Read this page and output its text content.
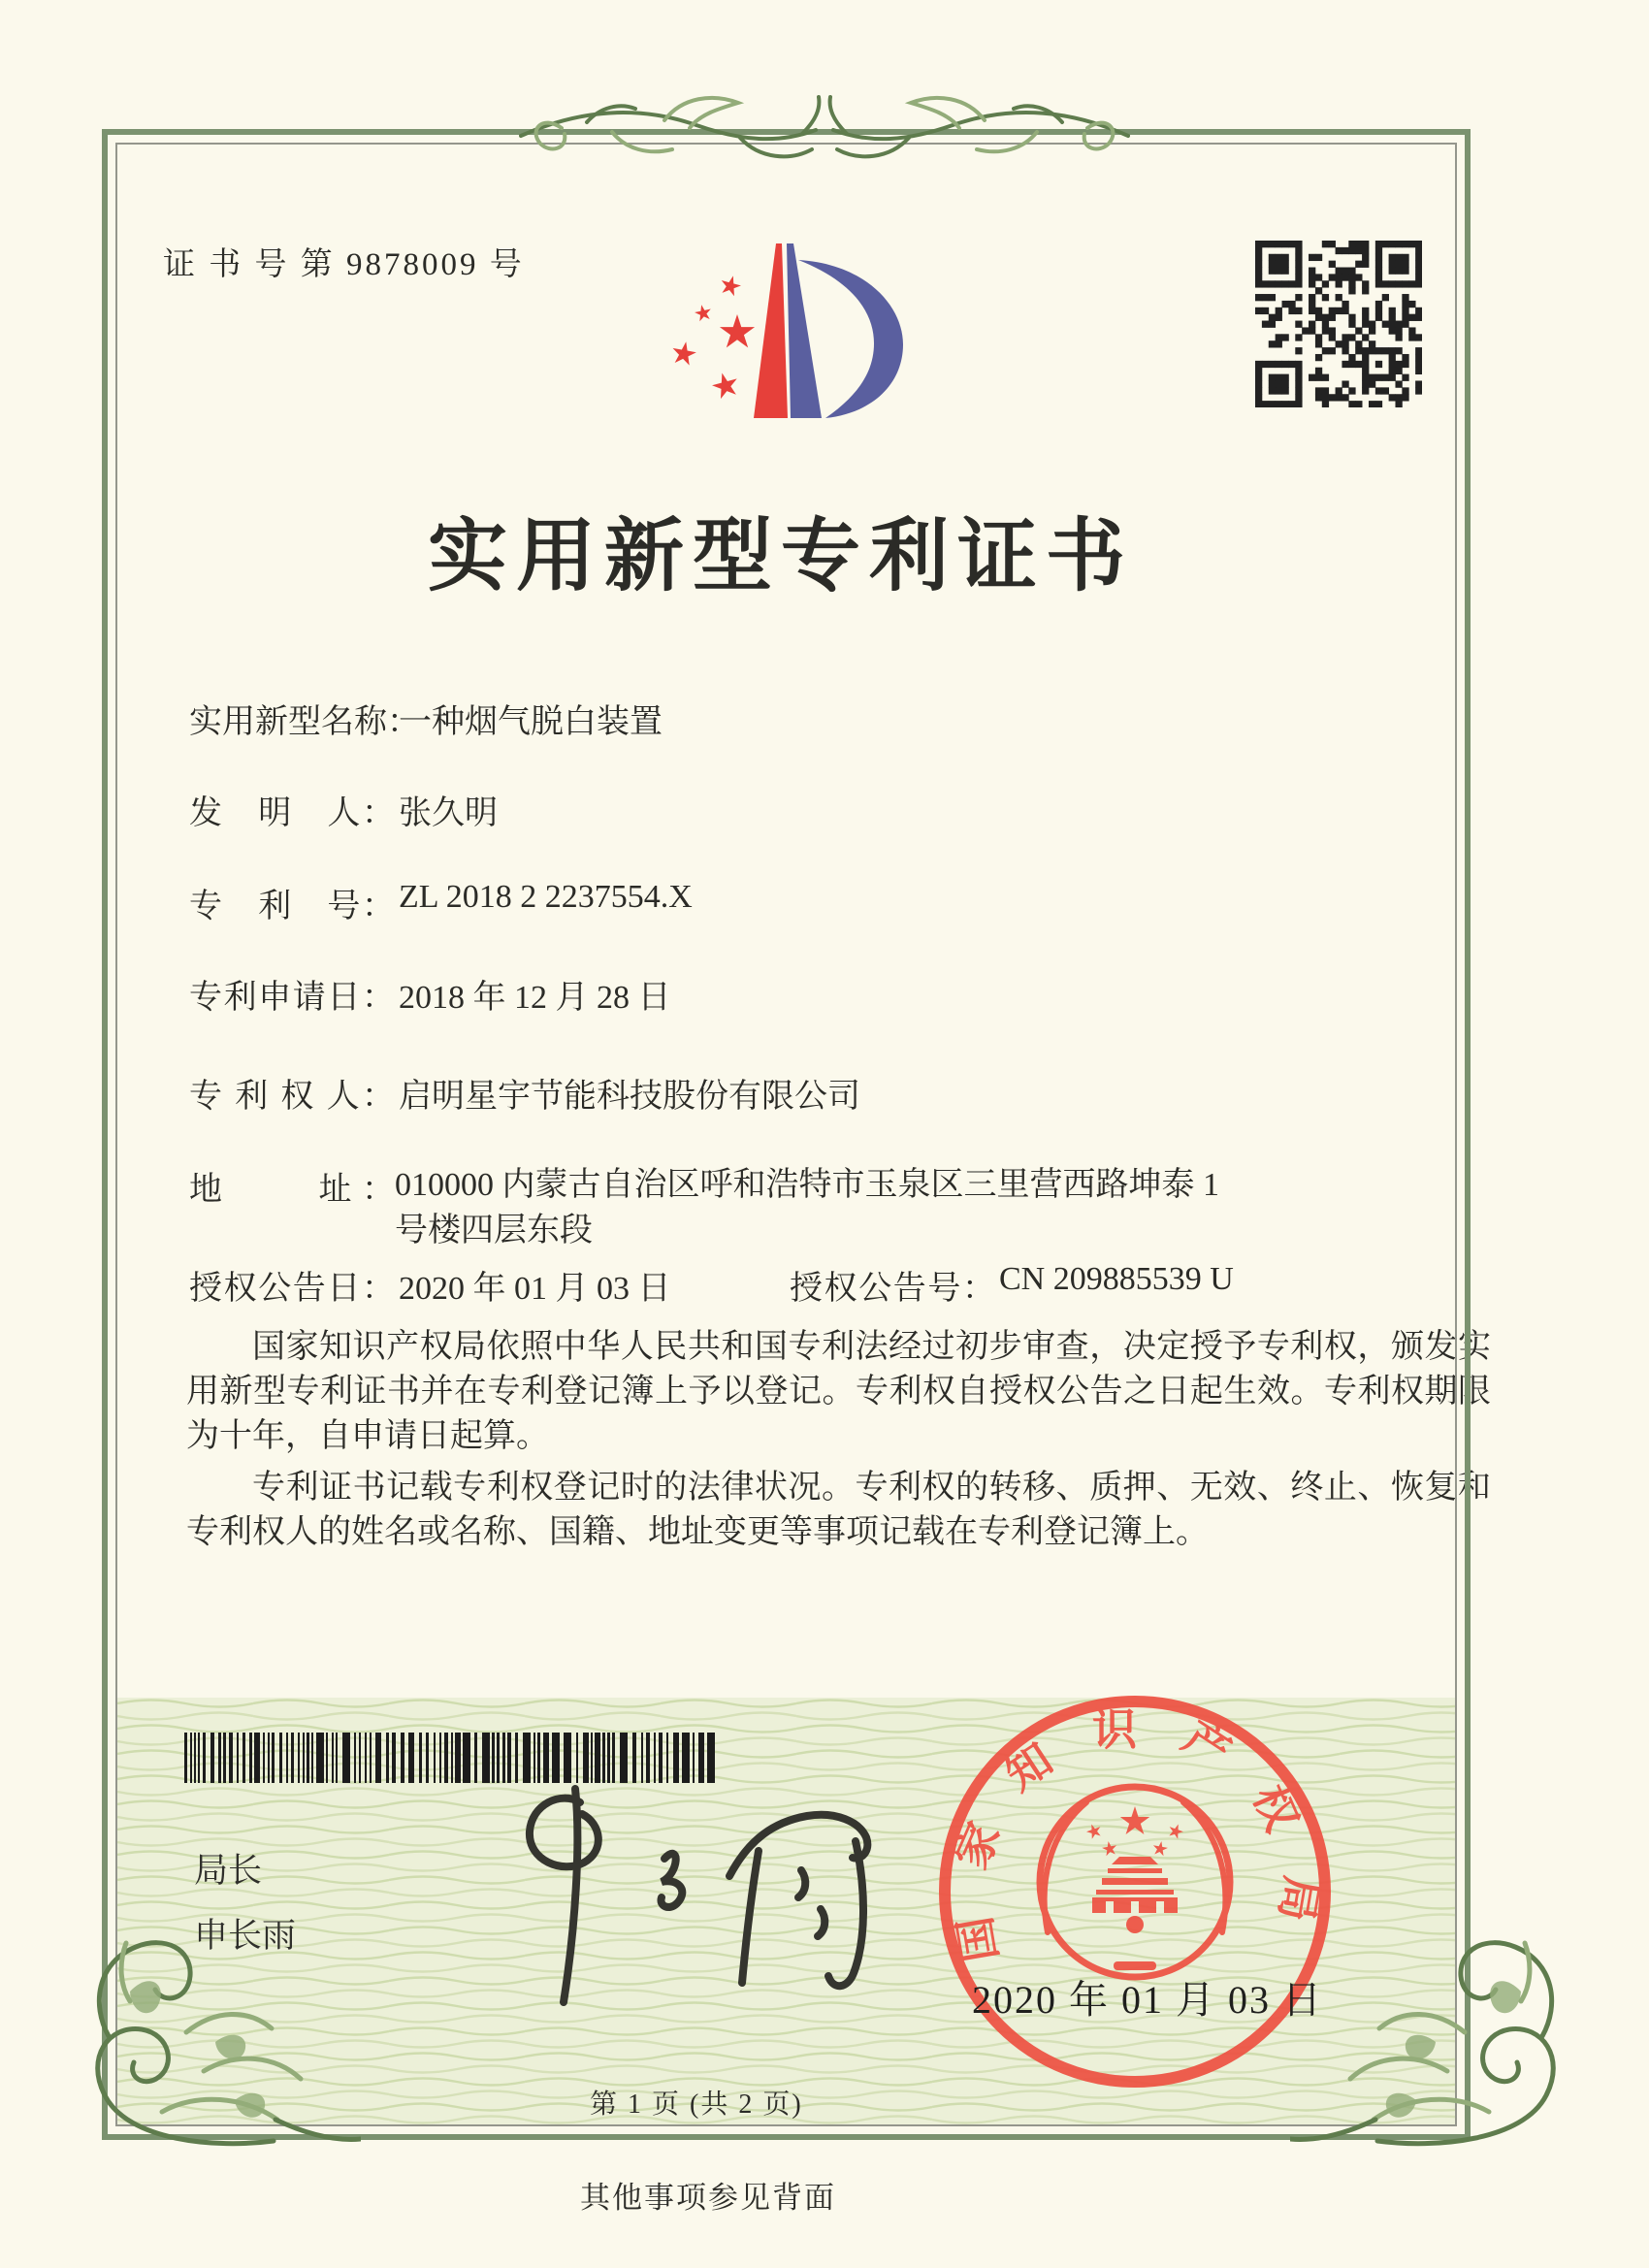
证 书 号 第 9878009 号
实用新型专利证书
实用新型名称：一种烟气脱白装置
发　明　人： 张久明
专　利　号： ZL 2018 2 2237554.X
专利申请日： 2018 年 12 月 28 日
专 利 权 人： 启明星宇节能科技股份有限公司
地　　址：010000 内蒙古自治区呼和浩特市玉泉区三里营西路坤泰 1
号楼四层东段
授权公告日： 2020 年 01 月 03 日	授权公告号： CN 209885539 U

国家知识产权局依照中华人民共和国专利法经过初步审查，决定授予专利权，颁发实用新型专利证书并在专利登记簿上予以登记。专利权自授权公告之日起生效。专利权期限为十年，自申请日起算。

专利证书记载专利权登记时的法律状况。专利权的转移、质押、无效、终止、恢复和专利权人的姓名或名称、国籍、地址变更等事项记载在专利登记簿上。

局长
申长雨	国家知识产权局
2020 年 01 月 03 日
第 1 页 (共 2 页)
其他事项参见背面
